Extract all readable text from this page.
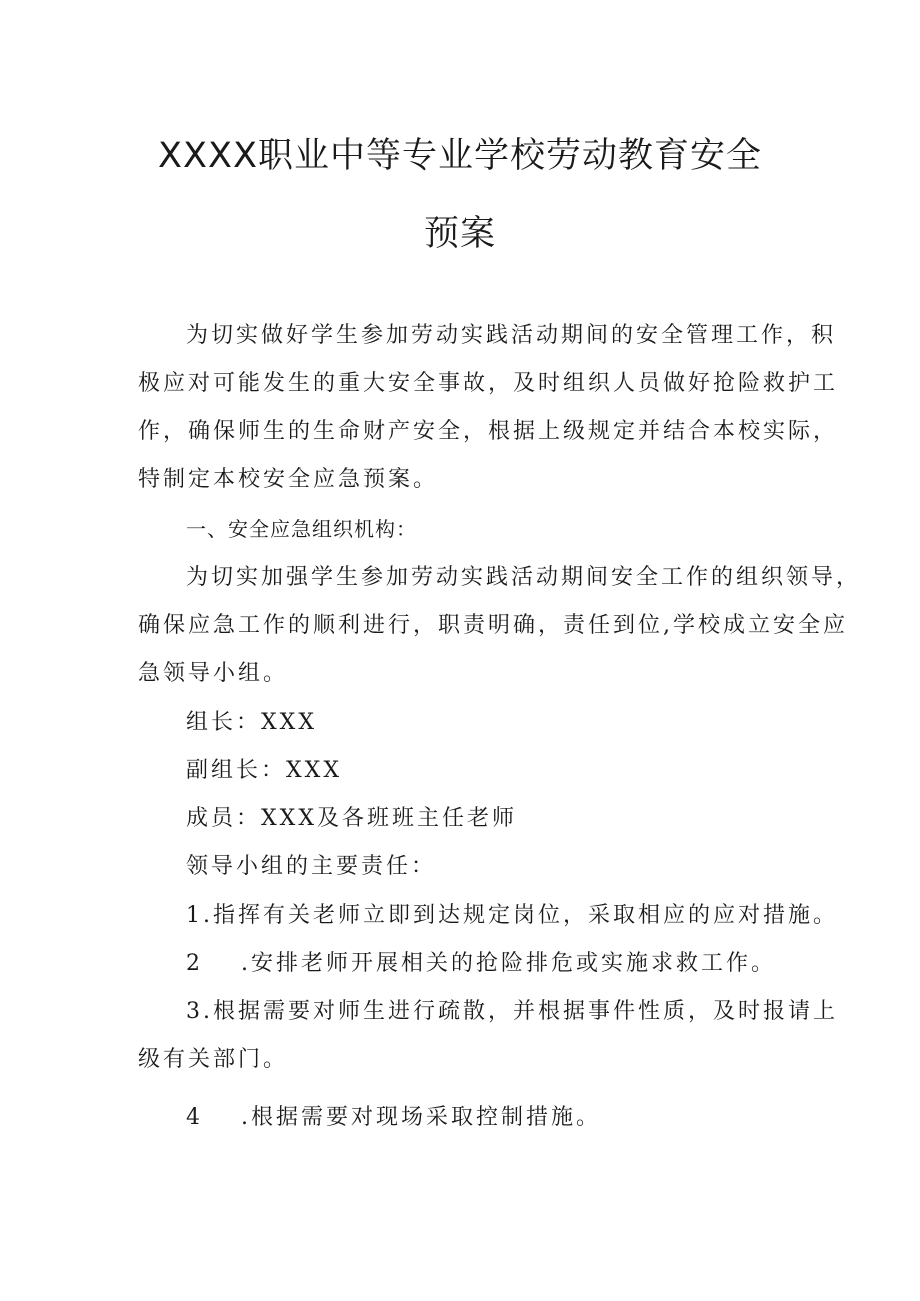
XXXX职业中等专业学校劳动教育安全
预案
为切实做好学生参加劳动实践活动期间的安全管理工作，积
极应对可能发生的重大安全事故，及时组织人员做好抢险救护工
作，确保师生的生命财产安全，根据上级规定并结合本校实际，
特制定本校安全应急预案。
一、安全应急组织机构：
为切实加强学生参加劳动实践活动期间安全工作的组织领导，
确保应急工作的顺利进行，职责明确，责任到位,学校成立安全应
急领导小组。
组长：XXX
副组长：XXX
成员：XXX及各班班主任老师
领导小组的主要责任：
1.指挥有关老师立即到达规定岗位，采取相应的应对措施。
2 .安排老师开展相关的抢险排危或实施求救工作。
3.根据需要对师生进行疏散，并根据事件性质，及时报请上
级有关部门。
4 .根据需要对现场采取控制措施。
